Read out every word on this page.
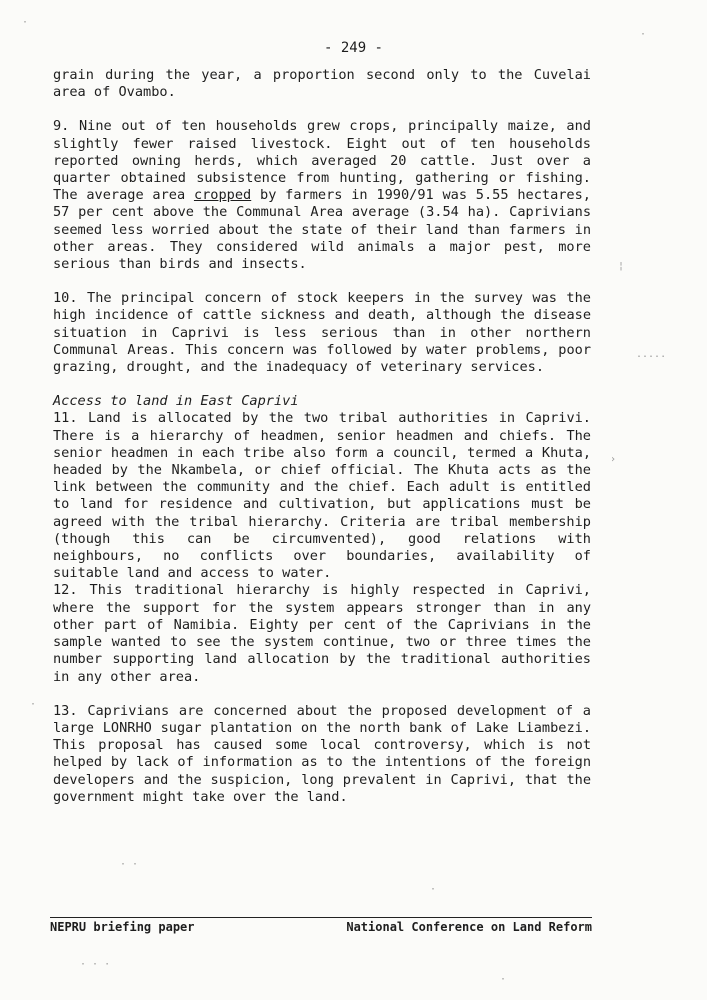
- 249 -

grain during the year, a proportion second only to the Cuvelai area of Ovambo.

9. Nine out of ten households grew crops, principally maize, and slightly fewer raised livestock. Eight out of ten households reported owning herds, which averaged 20 cattle. Just over a quarter obtained subsistence from hunting, gathering or fishing. The average area cropped by farmers in 1990/91 was 5.55 hectares, 57 per cent above the Communal Area average (3.54 ha). Caprivians seemed less worried about the state of their land than farmers in other areas. They considered wild animals a major pest, more serious than birds and insects.

10. The principal concern of stock keepers in the survey was the high incidence of cattle sickness and death, although the disease situation in Caprivi is less serious than in other northern Communal Areas. This concern was followed by water problems, poor grazing, drought, and the inadequacy of veterinary services.

Access to land in East Caprivi

11. Land is allocated by the two tribal authorities in Caprivi. There is a hierarchy of headmen, senior headmen and chiefs. The senior headmen in each tribe also form a council, termed a Khuta, headed by the Nkambela, or chief official. The Khuta acts as the link between the community and the chief. Each adult is entitled to land for residence and cultivation, but applications must be agreed with the tribal hierarchy. Criteria are tribal membership (though this can be circumvented), good relations with neighbours, no conflicts over boundaries, availability of suitable land and access to water.

12. This traditional hierarchy is highly respected in Caprivi, where the support for the system appears stronger than in any other part of Namibia. Eighty per cent of the Caprivians in the sample wanted to see the system continue, two or three times the number supporting land allocation by the traditional authorities in any other area.

13. Caprivians are concerned about the proposed development of a large LONRHO sugar plantation on the north bank of Lake Liambezi. This proposal has caused some local controversy, which is not helped by lack of information as to the intentions of the foreign developers and the suspicion, long prevalent in Caprivi, that the government might take over the land.

NEPRU briefing paper	National Conference on Land Reform
·
·
¦
.....
›
·
· ·
·
· · ·
·
